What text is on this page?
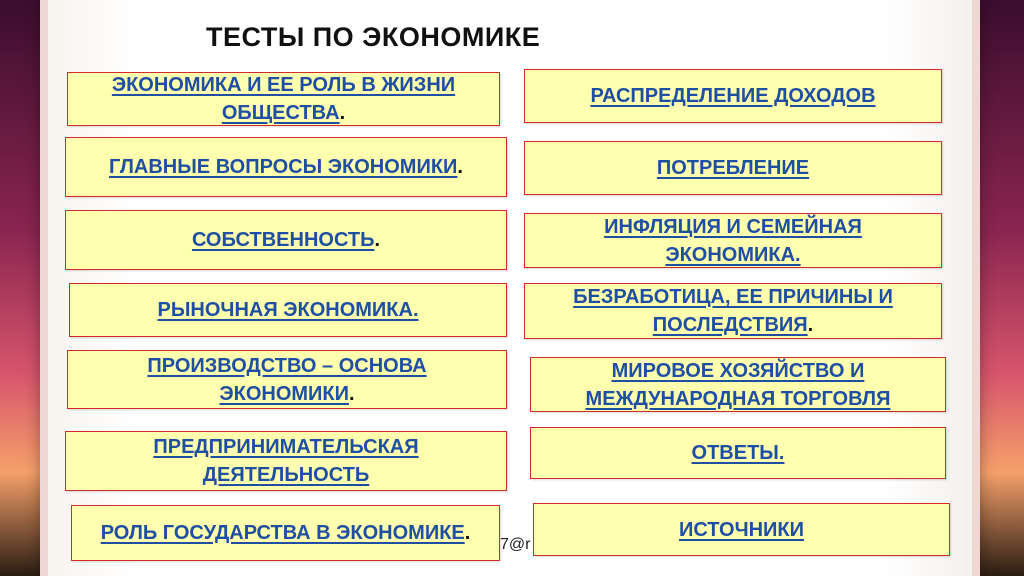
ТЕСТЫ ПО ЭКОНОМИКЕ
ЭКОНОМИКА И ЕЕ РОЛЬ В ЖИЗНИ ОБЩЕСТВА.
ГЛАВНЫЕ ВОПРОСЫ ЭКОНОМИКИ.
СОБСТВЕННОСТЬ.
РЫНОЧНАЯ ЭКОНОМИКА.
ПРОИЗВОДСТВО – ОСНОВА ЭКОНОМИКИ.
ПРЕДПРИНИМАТЕЛЬСКАЯ ДЕЯТЕЛЬНОСТЬ
РОЛЬ ГОСУДАРСТВА В ЭКОНОМИКЕ.
РАСПРЕДЕЛЕНИЕ ДОХОДОВ
ПОТРЕБЛЕНИЕ
ИНФЛЯЦИЯ И СЕМЕЙНАЯ ЭКОНОМИКА.
БЕЗРАБОТИЦА, ЕЕ ПРИЧИНЫ И ПОСЛЕДСТВИЯ.
МИРОВОЕ ХОЗЯЙСТВО И МЕЖДУНАРОДНАЯ ТОРГОВЛЯ
ОТВЕТЫ.
ИСТОЧНИКИ
7@r
